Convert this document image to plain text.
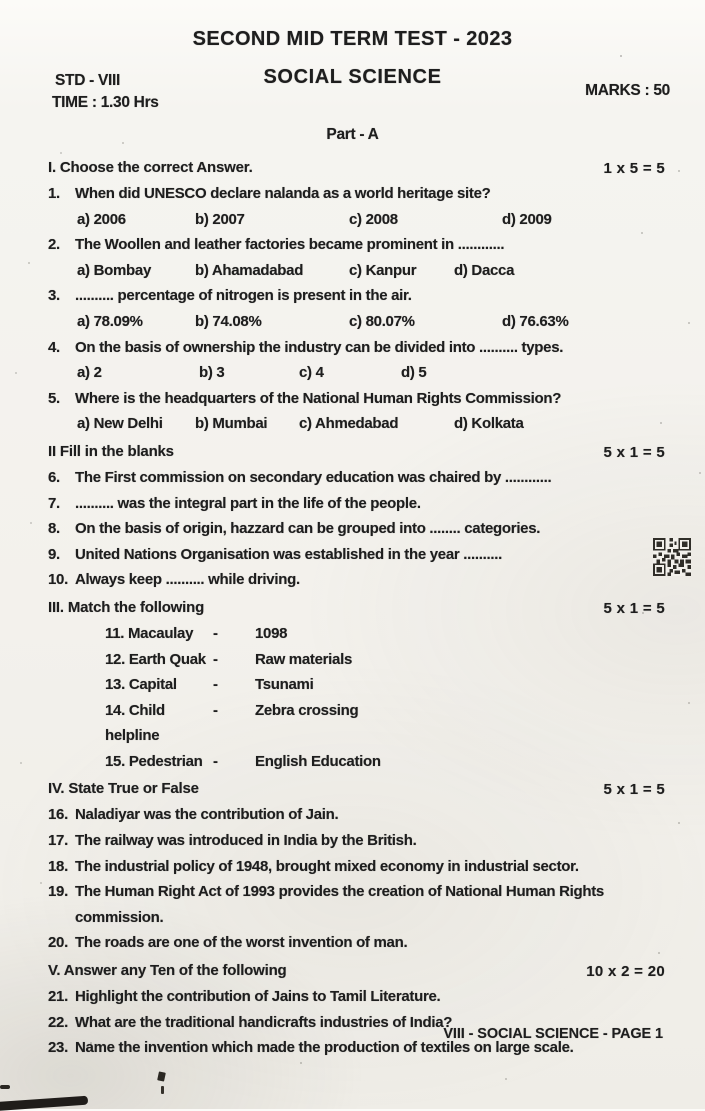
SECOND MID TERM TEST - 2023
SOCIAL SCIENCE
STD - VIII
TIME : 1.30 Hrs
MARKS : 50
Part - A
I. Choose the correct Answer.	1 x 5 = 5
1.	When did UNESCO declare nalanda as a world heritage site?
a) 2006	b) 2007	c) 2008	d) 2009
2.	The Woollen and leather factories became prominent in ............
a) Bombay	b) Ahamadabad	c) Kanpur	d) Dacca
3.	.......... percentage of nitrogen is present in the air.
a) 78.09%	b) 74.08%	c) 80.07%	d) 76.63%
4.	On the basis of ownership the industry can be divided into .......... types.
a) 2	b) 3	c) 4	d) 5
5.	Where is the headquarters of the National Human Rights Commission?
a) New Delhi	b) Mumbai	c) Ahmedabad	d) Kolkata
II Fill in the blanks	5 x 1 = 5
6.	The First commission on secondary education was chaired by ............
7.	.......... was the integral part in the life of the people.
8.	On the basis of origin, hazzard can be grouped into ........ categories.
9.	United Nations Organisation was established in the year ..........
10. Always keep .......... while driving.
III. Match the following	5 x 1 = 5
11. Macaulay	-	1098
12. Earth Quak -	Raw materials
13. Capital	-	Tsunami
14. Child helpline
-	Zebra crossing
15. Pedestrian -	English Education
IV. State True or False	5 x 1 = 5
16. Naladiyar was the contribution of Jain.
17. The railway was introduced in India by the British.
18. The industrial policy of 1948, brought mixed economy in industrial sector.
19. The Human Right Act of 1993 provides the creation of National Human Rights commission.
20. The roads are one of the worst invention of man.
V. Answer any Ten of the following	10 x 2 = 20
21. Highlight the contribution of Jains to Tamil Literature.
22. What are the traditional handicrafts industries of India?
23. Name the invention which made the production of textiles on large scale.
VIII - SOCIAL SCIENCE - PAGE 1
